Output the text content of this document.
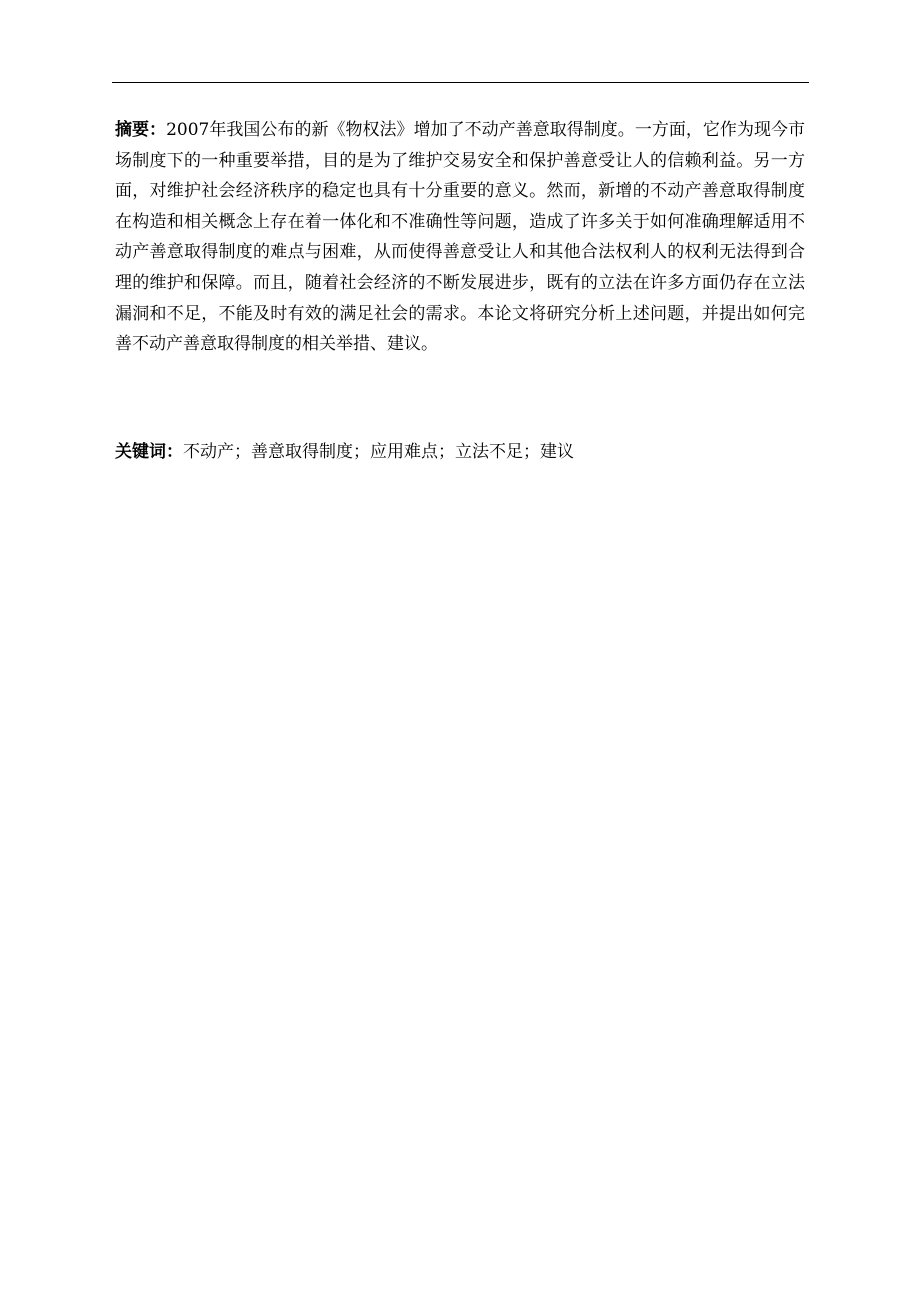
摘要：2007年我国公布的新《物权法》增加了不动产善意取得制度。一方面，它作为现今市场制度下的一种重要举措，目的是为了维护交易安全和保护善意受让人的信赖利益。另一方面，对维护社会经济秩序的稳定也具有十分重要的意义。然而，新增的不动产善意取得制度在构造和相关概念上存在着一体化和不准确性等问题，造成了许多关于如何准确理解适用不动产善意取得制度的难点与困难，从而使得善意受让人和其他合法权利人的权利无法得到合理的维护和保障。而且，随着社会经济的不断发展进步，既有的立法在许多方面仍存在立法漏洞和不足，不能及时有效的满足社会的需求。本论文将研究分析上述问题，并提出如何完善不动产善意取得制度的相关举措、建议。
关键词：不动产；善意取得制度；应用难点；立法不足；建议
